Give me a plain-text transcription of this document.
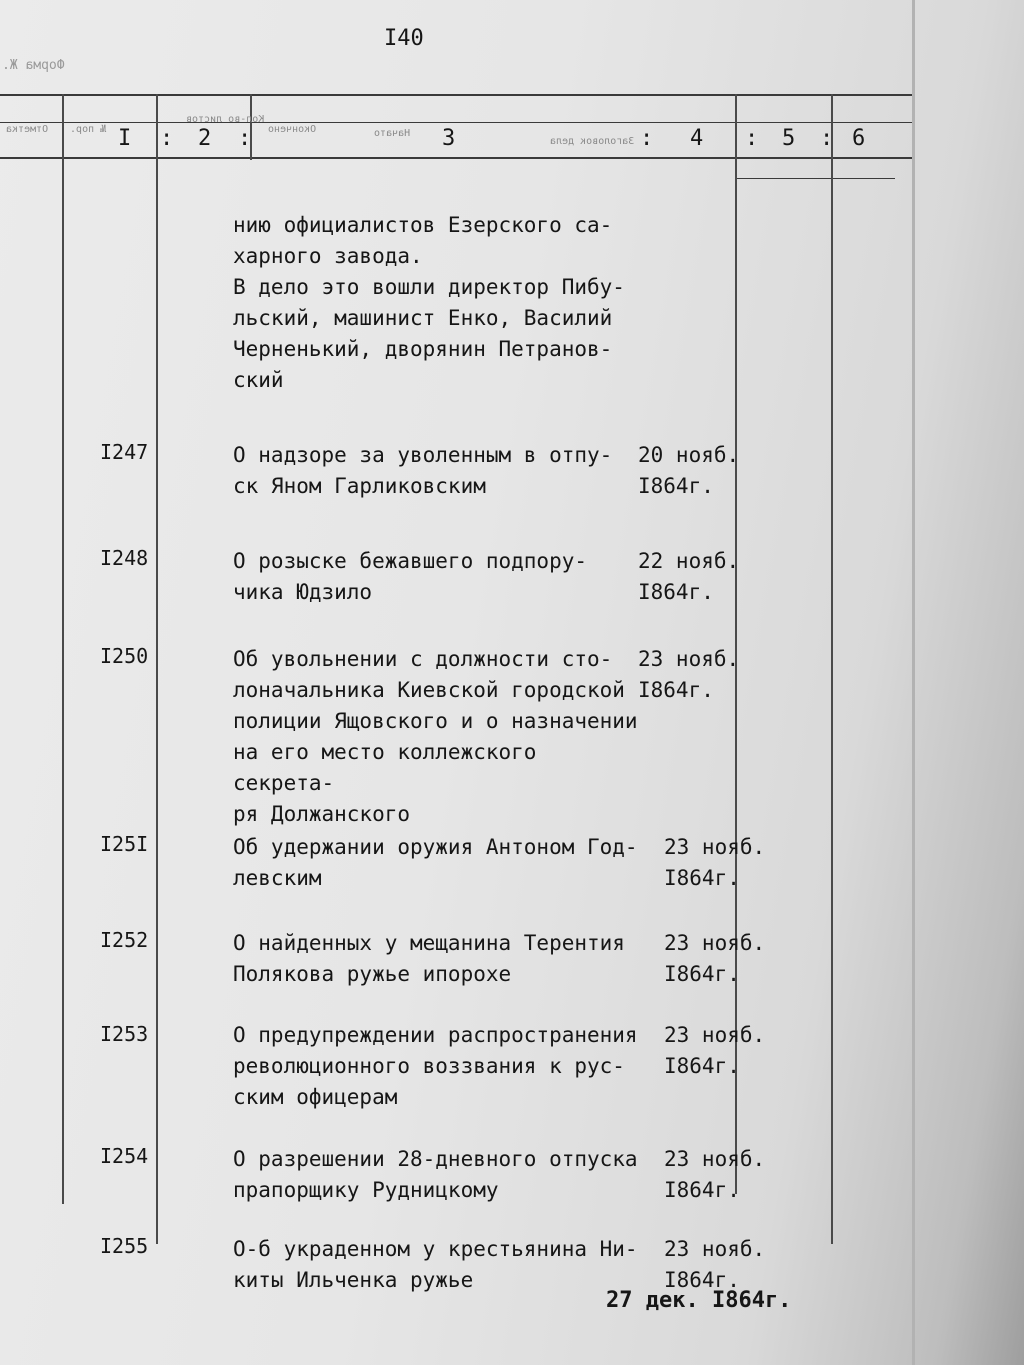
I40
Форма Ж.
Отметка № пор.
Кол-во листов
Окончено	Начато
Заголовок дела
I : 2 :	3	: 4 : 5 : 6
нию официалистов Езерского са-
харного завода.
В дело это вошли директор Пибу-
льский, машинист Енко, Василий
Черненький, дворянин Петранов-
ский
I247	О надзоре за уволенным в отпу-
ск Яном Гарликовским
20 нояб.
I864г.
I248	О розыске бежавшего подпору-
чика Юдзило
22 нояб.
I864г.
I250	Об увольнении с должности сто-
лоначальника Киевской городской
полиции Ящовского и о назначении
на его место коллежского секрета-
ря Должанского
23 нояб.
I864г.
I25I	Об удержании оружия Антоном Год-
левским
23 нояб.
I864г.
I252	О найденных у мещанина Терентия
Полякова ружье ипорохе
23 нояб.
I864г.
I253	О предупреждении распространения
революционного воззвания к рус-
ским офицерам
23 нояб.
I864г.
I254	О разрешении 28-дневного отпуска
прапорщику Рудницкому
23 нояб.
I864г.
I255	О-б украденном у крестьянина Ни-
киты Ильченка ружье
23 нояб.
I864г.
27 дек. I864г.
